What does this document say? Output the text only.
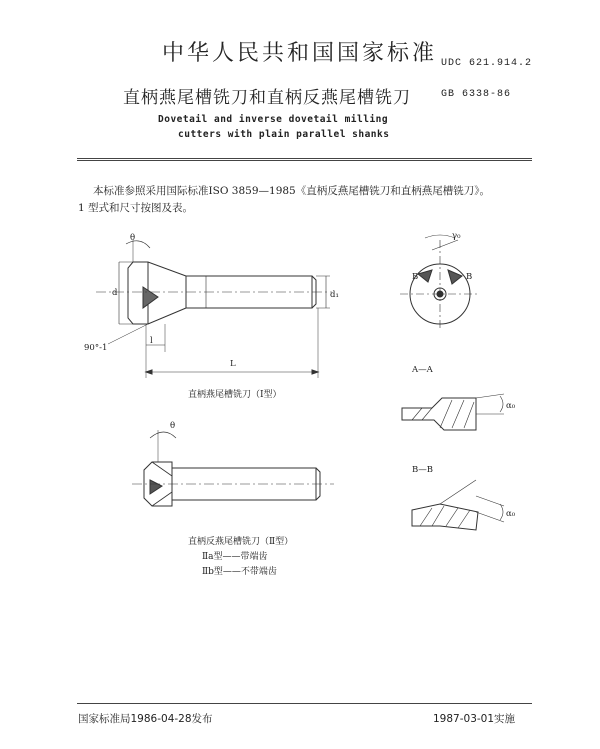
中华人民共和国国家标准 UDC 621.914.2
直柄燕尾槽铣刀和直柄反燕尾槽铣刀	GB 6338-86
Dovetail and inverse dovetail milling
cutters with plain parallel shanks
本标准参照采用国际标准ISO 3859—1985《直柄反燕尾槽铣刀和直柄燕尾槽铣刀》。
1 型式和尺寸按图及表。
θ
d	d₁
L
l
90°-1
θ
γ₀
B	B
A—A
B—B
α₀
α₀
直柄燕尾槽铣刀（Ⅰ型）
直柄反燕尾槽铣刀（Ⅱ型）
Ⅱa型——带端齿
Ⅱb型——不带端齿
国家标准局1986-04-28发布	1987-03-01实施
